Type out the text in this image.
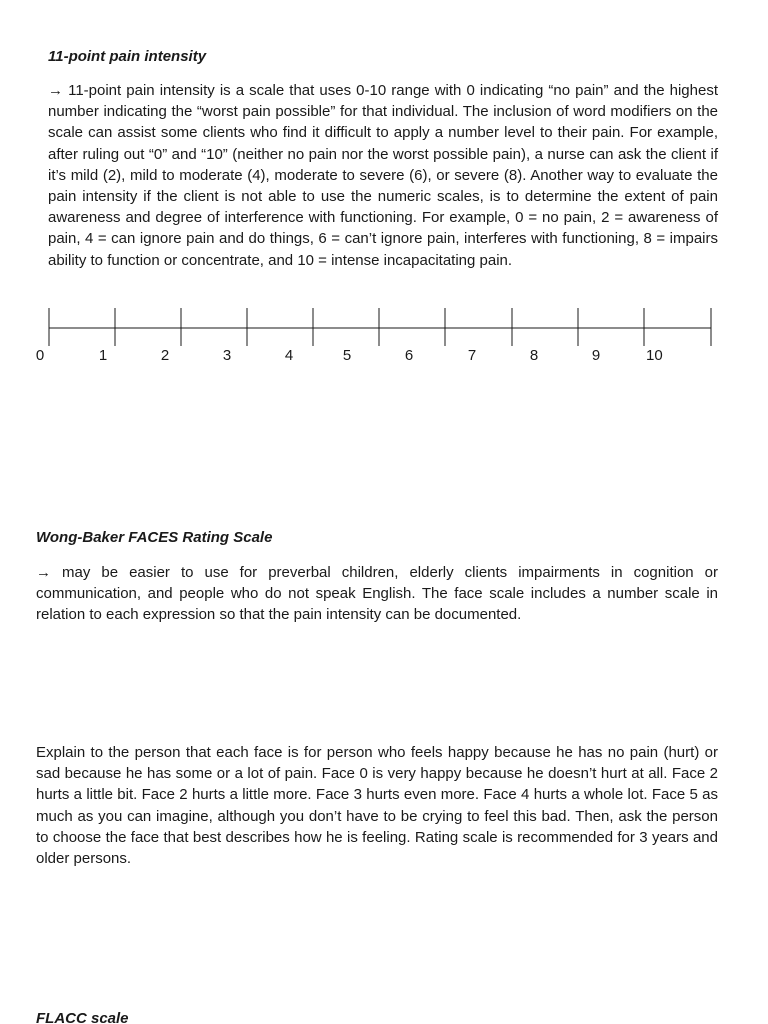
11-point pain intensity

→ 11-point pain intensity is a scale that uses 0-10 range with 0 indicating “no pain” and the highest number indicating the “worst pain possible” for that individual. The inclusion of word modifiers on the scale can assist some clients who find it difficult to apply a number level to their pain. For example, after ruling out “0” and “10” (neither no pain nor the worst possible pain), a nurse can ask the client if it’s mild (2), mild to moderate (4), moderate to severe (6), or severe (8). Another way to evaluate the pain intensity if the client is not able to use the numeric scales, is to determine the extent of pain awareness and degree of interference with functioning. For example, 0 = no pain, 2 = awareness of pain, 4 = can ignore pain and do things, 6 = can’t ignore pain, interferes with functioning, 8 = impairs ability to function or concentrate, and 10 = intense incapacitating pain.

0	1	2	3	4	5	6	7	8	9	10
Wong-Baker FACES Rating Scale

→ may be easier to use for preverbal children, elderly clients impairments in cognition or communication, and people who do not speak English. The face scale includes a number scale in relation to each expression so that the pain intensity can be documented.

Explain to the person that each face is for person who feels happy because he has no pain (hurt) or sad because he has some or a lot of pain. Face 0 is very happy because he doesn’t hurt at all. Face 2 hurts a little bit. Face 2 hurts a little more. Face 3 hurts even more. Face 4 hurts a whole lot. Face 5 as much as you can imagine, although you don’t have to be crying to feel this bad. Then, ask the person to choose the face that best describes how he is feeling. Rating scale is recommended for 3 years and older persons.

FLACC scale
